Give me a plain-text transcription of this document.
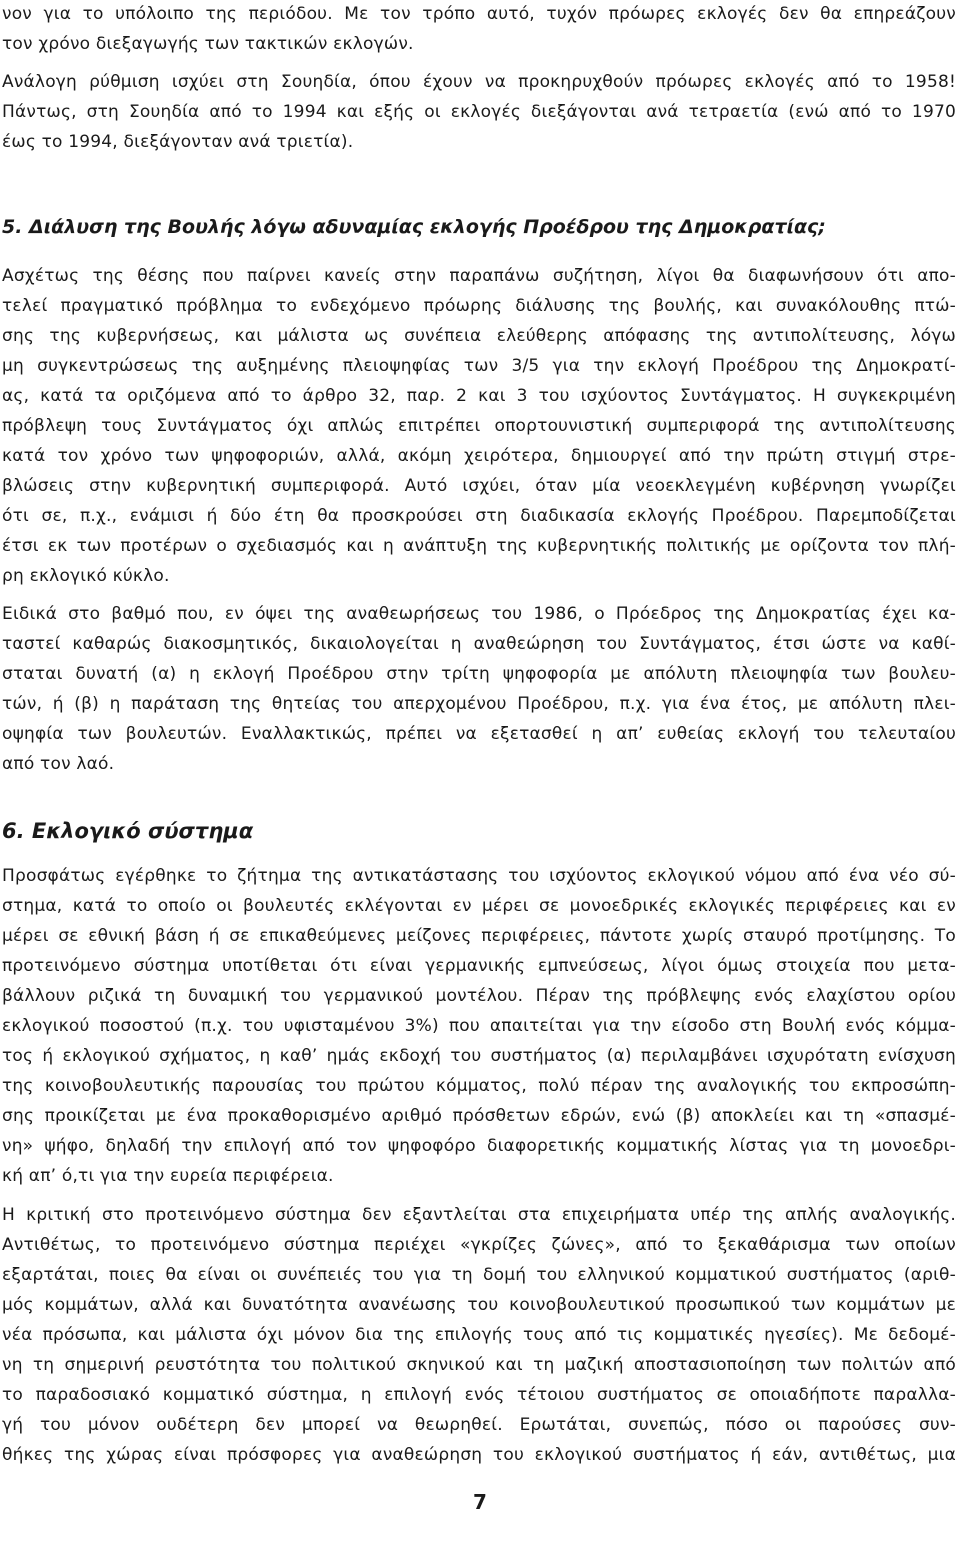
νον για το υπόλοιπο της περιόδου. Με τον τρόπο αυτό, τυχόν πρόωρες εκλογές δεν θα επηρεάζουν
τον χρόνο διεξαγωγής των τακτικών εκλογών.
Ανάλογη ρύθμιση ισχύει στη Σουηδία, όπου έχουν να προκηρυχθούν πρόωρες εκλογές από το 1958!
Πάντως, στη Σουηδία από το 1994 και εξής οι εκλογές διεξάγονται ανά τετραετία (ενώ από το 1970
έως το 1994, διεξάγονταν ανά τριετία).
5. Διάλυση της Βουλής λόγω αδυναμίας εκλογής Προέδρου της Δημοκρατίας;
Ασχέτως της θέσης που παίρνει κανείς στην παραπάνω συζήτηση, λίγοι θα διαφωνήσουν ότι απο-
τελεί πραγματικό πρόβλημα το ενδεχόμενο πρόωρης διάλυσης της βουλής, και συνακόλουθης πτώ-
σης της κυβερνήσεως, και μάλιστα ως συνέπεια ελεύθερης απόφασης της αντιπολίτευσης, λόγω
μη συγκεντρώσεως της αυξημένης πλειοψηφίας των 3/5 για την εκλογή Προέδρου της Δημοκρατί-
ας, κατά τα οριζόμενα από το άρθρο 32, παρ. 2 και 3 του ισχύοντος Συντάγματος. Η συγκεκριμένη
πρόβλεψη τους Συντάγματος όχι απλώς επιτρέπει οπορτουνιστική συμπεριφορά της αντιπολίτευσης
κατά τον χρόνο των ψηφοφοριών, αλλά, ακόμη χειρότερα, δημιουργεί από την πρώτη στιγμή στρε-
βλώσεις στην κυβερνητική συμπεριφορά. Αυτό ισχύει, όταν μία νεοεκλεγμένη κυβέρνηση γνωρίζει
ότι σε, π.χ., ενάμισι ή δύο έτη θα προσκρούσει στη διαδικασία εκλογής Προέδρου. Παρεμποδίζεται
έτσι εκ των προτέρων ο σχεδιασμός και η ανάπτυξη της κυβερνητικής πολιτικής με ορίζοντα τον πλή-
ρη εκλογικό κύκλο.
Ειδικά στο βαθμό που, εν όψει της αναθεωρήσεως του 1986, ο Πρόεδρος της Δημοκρατίας έχει κα-
ταστεί καθαρώς διακοσμητικός, δικαιολογείται η αναθεώρηση του Συντάγματος, έτσι ώστε να καθί-
σταται δυνατή (α) η εκλογή Προέδρου στην τρίτη ψηφοφορία με απόλυτη πλειοψηφία των βουλευ-
τών, ή (β) η παράταση της θητείας του απερχομένου Προέδρου, π.χ. για ένα έτος, με απόλυτη πλει-
οψηφία των βουλευτών. Εναλλακτικώς, πρέπει να εξετασθεί η απ’ ευθείας εκλογή του τελευταίου
από τον λαό.
6. Εκλογικό σύστημα
Προσφάτως εγέρθηκε το ζήτημα της αντικατάστασης του ισχύοντος εκλογικού νόμου από ένα νέο σύ-
στημα, κατά το οποίο οι βουλευτές εκλέγονται εν μέρει σε μονοεδρικές εκλογικές περιφέρειες και εν
μέρει σε εθνική βάση ή σε επικαθεύμενες μείζονες περιφέρειες, πάντοτε χωρίς σταυρό προτίμησης. Το
προτεινόμενο σύστημα υποτίθεται ότι είναι γερμανικής εμπνεύσεως, λίγοι όμως στοιχεία που μετα-
βάλλουν ριζικά τη δυναμική του γερμανικού μοντέλου. Πέραν της πρόβλεψης ενός ελαχίστου ορίου
εκλογικού ποσοστού (π.χ. του υφισταμένου 3%) που απαιτείται για την είσοδο στη Βουλή ενός κόμμα-
τος ή εκλογικού σχήματος, η καθ’ ημάς εκδοχή του συστήματος (α) περιλαμβάνει ισχυρότατη ενίσχυση
της κοινοβουλευτικής παρουσίας του πρώτου κόμματος, πολύ πέραν της αναλογικής του εκπροσώπη-
σης προικίζεται με ένα προκαθορισμένο αριθμό πρόσθετων εδρών, ενώ (β) αποκλείει και τη «σπασμέ-
νη» ψήφο, δηλαδή την επιλογή από τον ψηφοφόρο διαφορετικής κομματικής λίστας για τη μονοεδρι-
κή απ’ ό,τι για την ευρεία περιφέρεια.
Η κριτική στο προτεινόμενο σύστημα δεν εξαντλείται στα επιχειρήματα υπέρ της απλής αναλογικής.
Αντιθέτως, το προτεινόμενο σύστημα περιέχει «γκρίζες ζώνες», από το ξεκαθάρισμα των οποίων
εξαρτάται, ποιες θα είναι οι συνέπειές του για τη δομή του ελληνικού κομματικού συστήματος (αριθ-
μός κομμάτων, αλλά και δυνατότητα ανανέωσης του κοινοβουλευτικού προσωπικού των κομμάτων με
νέα πρόσωπα, και μάλιστα όχι μόνον δια της επιλογής τους από τις κομματικές ηγεσίες). Με δεδομέ-
νη τη σημερινή ρευστότητα του πολιτικού σκηνικού και τη μαζική αποστασιοποίηση των πολιτών από
το παραδοσιακό κομματικό σύστημα, η επιλογή ενός τέτοιου συστήματος σε οποιαδήποτε παραλλα-
γή του μόνον ουδέτερη δεν μπορεί να θεωρηθεί. Ερωτάται, συνεπώς, πόσο οι παρούσες συν-
θήκες της χώρας είναι πρόσφορες για αναθεώρηση του εκλογικού συστήματος ή εάν, αντιθέτως, μια
7
